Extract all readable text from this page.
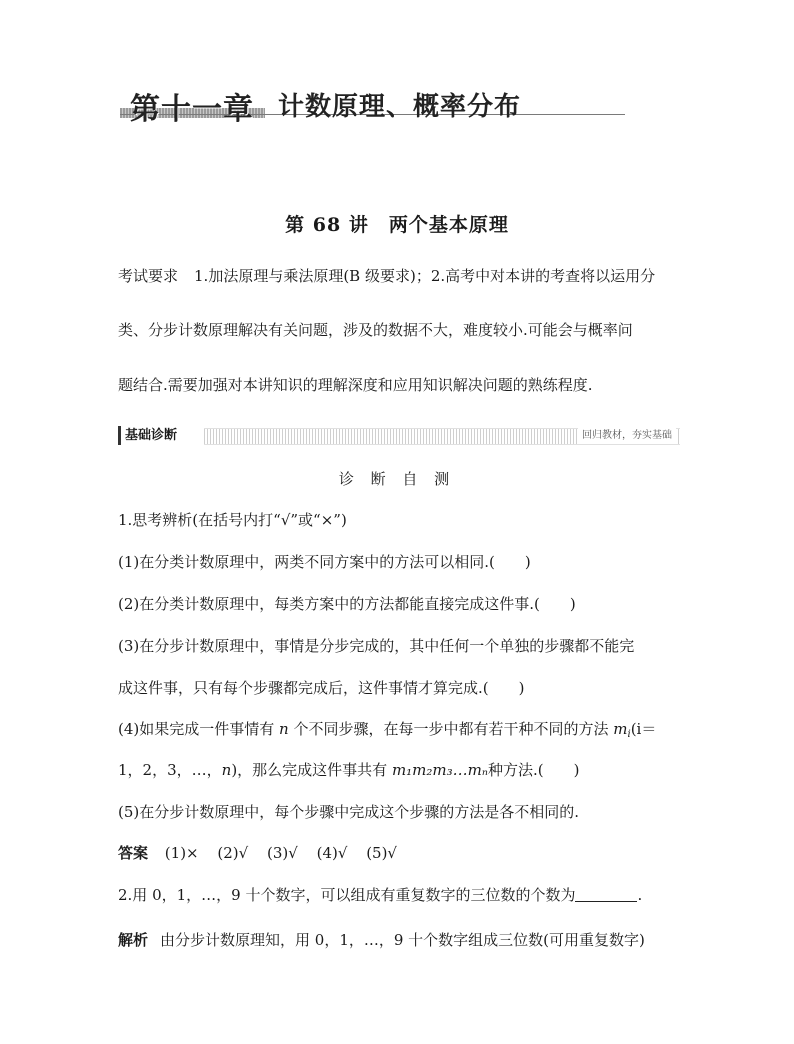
第十一章 计数原理、概率分布
第 68 讲　两个基本原理
考试要求 1.加法原理与乘法原理(B 级要求)；2.高考中对本讲的考查将以运用分
类、分步计数原理解决有关问题，涉及的数据不大，难度较小.可能会与概率问
题结合.需要加强对本讲知识的理解深度和应用知识解决问题的熟练程度.
基础诊断	回归教材，夯实基础
诊 断 自 测
1.思考辨析(在括号内打“√”或“×”)
(1)在分类计数原理中，两类不同方案中的方法可以相同.(　　)
(2)在分类计数原理中，每类方案中的方法都能直接完成这件事.(　　)
(3)在分步计数原理中，事情是分步完成的，其中任何一个单独的步骤都不能完
成这件事，只有每个步骤都完成后，这件事情才算完成.(　　)
(4)如果完成一件事情有 n 个不同步骤，在每一步中都有若干种不同的方法 $m_i(i=$
1，2，3，…，n)，那么完成这件事共有 m₁m₂m₃…mₙ种方法.(　　)
(5)在分步计数原理中，每个步骤中完成这个步骤的方法是各不相同的.
答案 (1)× (2)√ (3)√ (4)√ (5)√
2.用 0，1，…，9 十个数字，可以组成有重复数字的三位数的个数为	.
解析 由分步计数原理知，用 0，1，…，9 十个数字组成三位数(可用重复数字)
